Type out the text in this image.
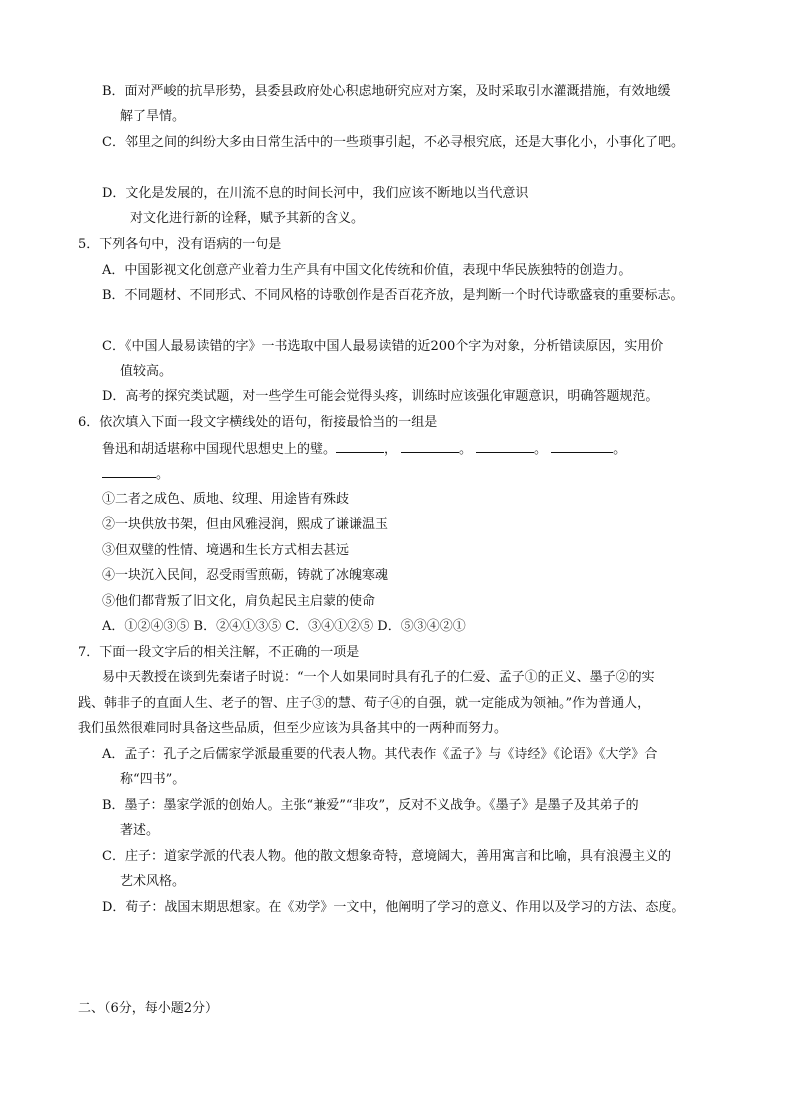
B．面对严峻的抗旱形势，县委县政府处心积虑地研究应对方案，及时采取引水灌溉措施，有效地缓
解了旱情。
C．邻里之间的纠纷大多由日常生活中的一些琐事引起，不必寻根究底，还是大事化小，小事化了吧。
D．文化是发展的，在川流不息的时间长河中，我们应该不断地以当代意识
对文化进行新的诠释，赋予其新的含义。
5．下列各句中，没有语病的一句是
A．中国影视文化创意产业着力生产具有中国文化传统和价值，表现中华民族独特的创造力。
B．不同题材、不同形式、不同风格的诗歌创作是否百花齐放，是判断一个时代诗歌盛衰的重要标志。
C．《中国人最易读错的字》一书选取中国人最易读错的近200个字为对象，分析错读原因，实用价
值较高。
D．高考的探究类试题，对一些学生可能会觉得头疼，训练时应该强化审题意识，明确答题规范。
6．依次填入下面一段文字横线处的语句，衔接最恰当的一组是
鲁迅和胡适堪称中国现代思想史上的璧。	，	。	。	。
。
①二者之成色、质地、纹理、用途皆有殊歧
②一块供放书架，但由风雅浸润，熙成了谦谦温玉
③但双璧的性情、境遇和生长方式相去甚远
④一块沉入民间，忍受雨雪煎砺，铸就了冰魄寒魂
⑤他们都背叛了旧文化，肩负起民主启蒙的使命
A．①②④③⑤ B．②④①③⑤ C．③④①②⑤ D．⑤③④②①
7．下面一段文字后的相关注解，不正确的一项是
易中天教授在谈到先秦诸子时说：“一个人如果同时具有孔子的仁爱、孟子①的正义、墨子②的实
践、韩非子的直面人生、老子的智、庄子③的慧、荀子④的自强，就一定能成为领袖。”作为普通人，
我们虽然很难同时具备这些品质，但至少应该为具备其中的一两种而努力。
A．孟子：孔子之后儒家学派最重要的代表人物。其代表作《孟子》与《诗经》《论语》《大学》合
称“四书”。
B．墨子：墨家学派的创始人。主张“兼爱”“非攻”，反对不义战争。《墨子》是墨子及其弟子的
著述。
C．庄子：道家学派的代表人物。他的散文想象奇特，意境阔大，善用寓言和比喻，具有浪漫主义的
艺术风格。
D．荀子：战国末期思想家。在《劝学》一文中，他阐明了学习的意义、作用以及学习的方法、态度。
二、（6分，每小题2分）
